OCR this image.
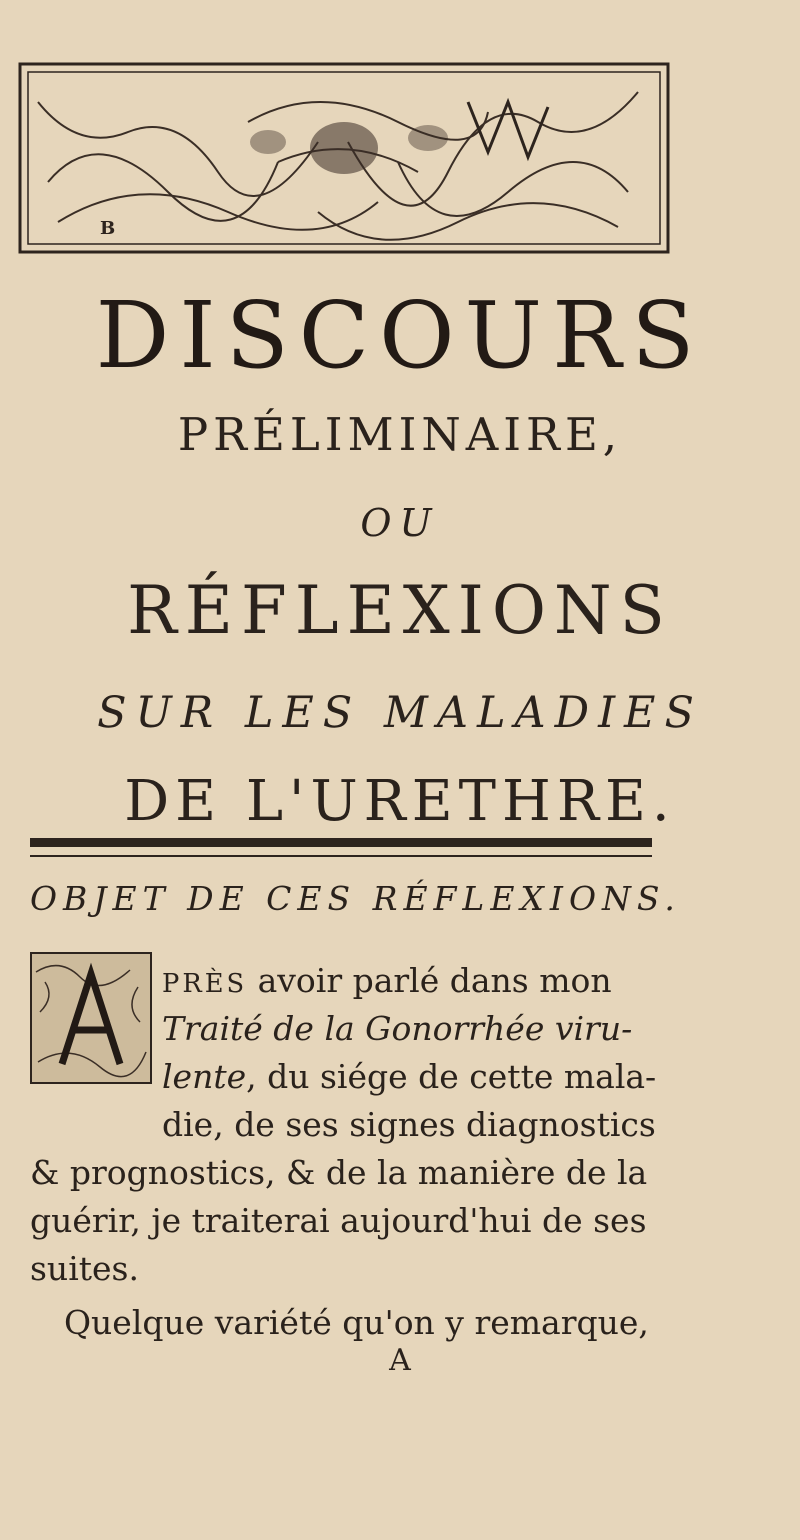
B

DISCOURS

PRÉLIMINAIRE,

OU

RÉFLEXIONS

SUR LES MALADIES

DE L'URETHRE.

OBJET DE CES RÉFLEXIONS.

PRÈS avoir parlé dans mon

Traité de la Gonorrhée viru-

lente, du siége de cette mala-

die, de ses signes diagnostics

& prognostics, & de la manière de la

guérir, je traiterai aujourd'hui de ses

suites.

Quelque variété qu'on y remarque,

A
